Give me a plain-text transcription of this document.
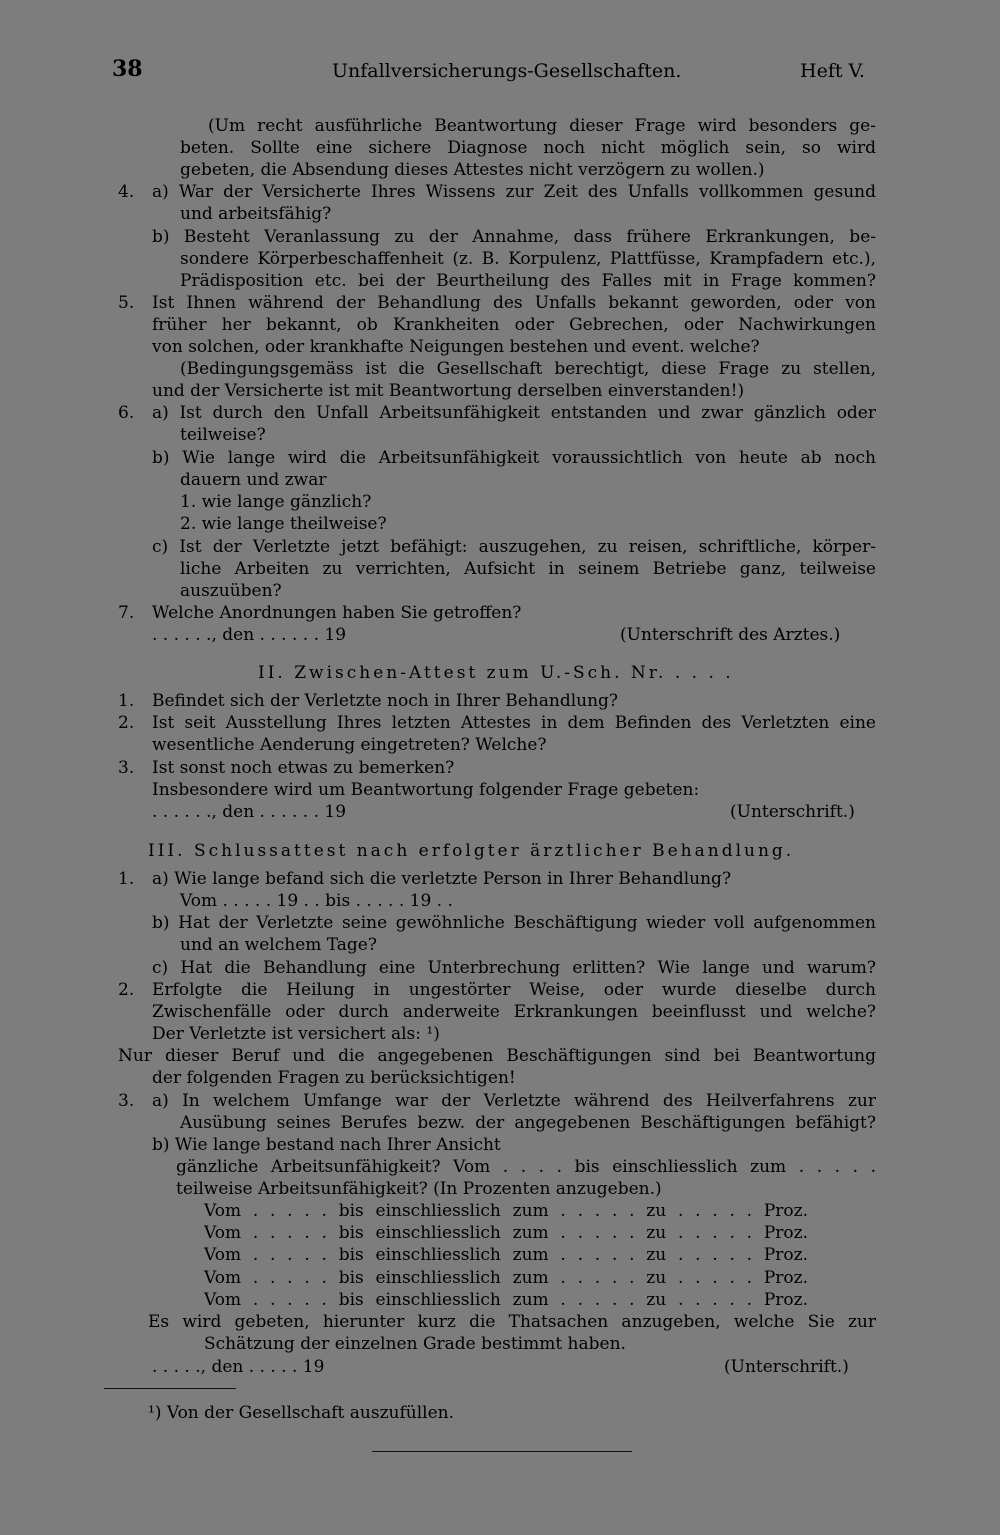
38	Unfallversicherungs-Gesellschaften.	Heft V.
(Um recht ausführliche Beantwortung dieser Frage wird besonders ge-
beten. Sollte eine sichere Diagnose noch nicht möglich sein, so wird
gebeten, die Absendung dieses Attestes nicht verzögern zu wollen.)
4. a) War der Versicherte Ihres Wissens zur Zeit des Unfalls vollkommen gesund
und arbeitsfähig?
b) Besteht Veranlassung zu der Annahme, dass frühere Erkrankungen, be-
sondere Körperbeschaffenheit (z. B. Korpulenz, Plattfüsse, Krampfadern etc.),
Prädisposition etc. bei der Beurtheilung des Falles mit in Frage kommen?
5. Ist Ihnen während der Behandlung des Unfalls bekannt geworden, oder von
früher her bekannt, ob Krankheiten oder Gebrechen, oder Nachwirkungen
von solchen, oder krankhafte Neigungen bestehen und event. welche?
(Bedingungsgemäss ist die Gesellschaft berechtigt, diese Frage zu stellen,
und der Versicherte ist mit Beantwortung derselben einverstanden!)
6. a) Ist durch den Unfall Arbeitsunfähigkeit entstanden und zwar gänzlich oder
teilweise?
b) Wie lange wird die Arbeitsunfähigkeit voraussichtlich von heute ab noch
dauern und zwar
1. wie lange gänzlich?
2. wie lange theilweise?
c) Ist der Verletzte jetzt befähigt: auszugehen, zu reisen, schriftliche, körper-
liche Arbeiten zu verrichten, Aufsicht in seinem Betriebe ganz, teilweise
auszuüben?
7. Welche Anordnungen haben Sie getroffen?
. . . . . ., den . . . . . . 19	(Unterschrift des Arztes.)
II. Zwischen-Attest zum U.-Sch. Nr. . . . .
1. Befindet sich der Verletzte noch in Ihrer Behandlung?
2. Ist seit Ausstellung Ihres letzten Attestes in dem Befinden des Verletzten eine
wesentliche Aenderung eingetreten? Welche?
3. Ist sonst noch etwas zu bemerken?
Insbesondere wird um Beantwortung folgender Frage gebeten:
. . . . . ., den . . . . . . 19	(Unterschrift.)
III. Schlussattest nach erfolgter ärztlicher Behandlung.
1. a) Wie lange befand sich die verletzte Person in Ihrer Behandlung?
Vom . . . . . 19 . . bis . . . . . 19 . .
b) Hat der Verletzte seine gewöhnliche Beschäftigung wieder voll aufgenommen
und an welchem Tage?
c) Hat die Behandlung eine Unterbrechung erlitten? Wie lange und warum?
2. Erfolgte die Heilung in ungestörter Weise, oder wurde dieselbe durch
Zwischenfälle oder durch anderweite Erkrankungen beeinflusst und welche?
Der Verletzte ist versichert als: ¹)
Nur dieser Beruf und die angegebenen Beschäftigungen sind bei Beantwortung
der folgenden Fragen zu berücksichtigen!
3. a) In welchem Umfange war der Verletzte während des Heilverfahrens zur
Ausübung seines Berufes bezw. der angegebenen Beschäftigungen befähigt?
b) Wie lange bestand nach Ihrer Ansicht
gänzliche Arbeitsunfähigkeit? Vom . . . . bis einschliesslich zum . . . . .
teilweise Arbeitsunfähigkeit? (In Prozenten anzugeben.)
Vom . . . . . bis einschliesslich zum . . . . . zu . . . . . Proz.
Vom . . . . . bis einschliesslich zum . . . . . zu . . . . . Proz.
Vom . . . . . bis einschliesslich zum . . . . . zu . . . . . Proz.
Vom . . . . . bis einschliesslich zum . . . . . zu . . . . . Proz.
Vom . . . . . bis einschliesslich zum . . . . . zu . . . . . Proz.
Es wird gebeten, hierunter kurz die Thatsachen anzugeben, welche Sie zur
Schätzung der einzelnen Grade bestimmt haben.
. . . . ., den . . . . . 19	(Unterschrift.)
¹) Von der Gesellschaft auszufüllen.
